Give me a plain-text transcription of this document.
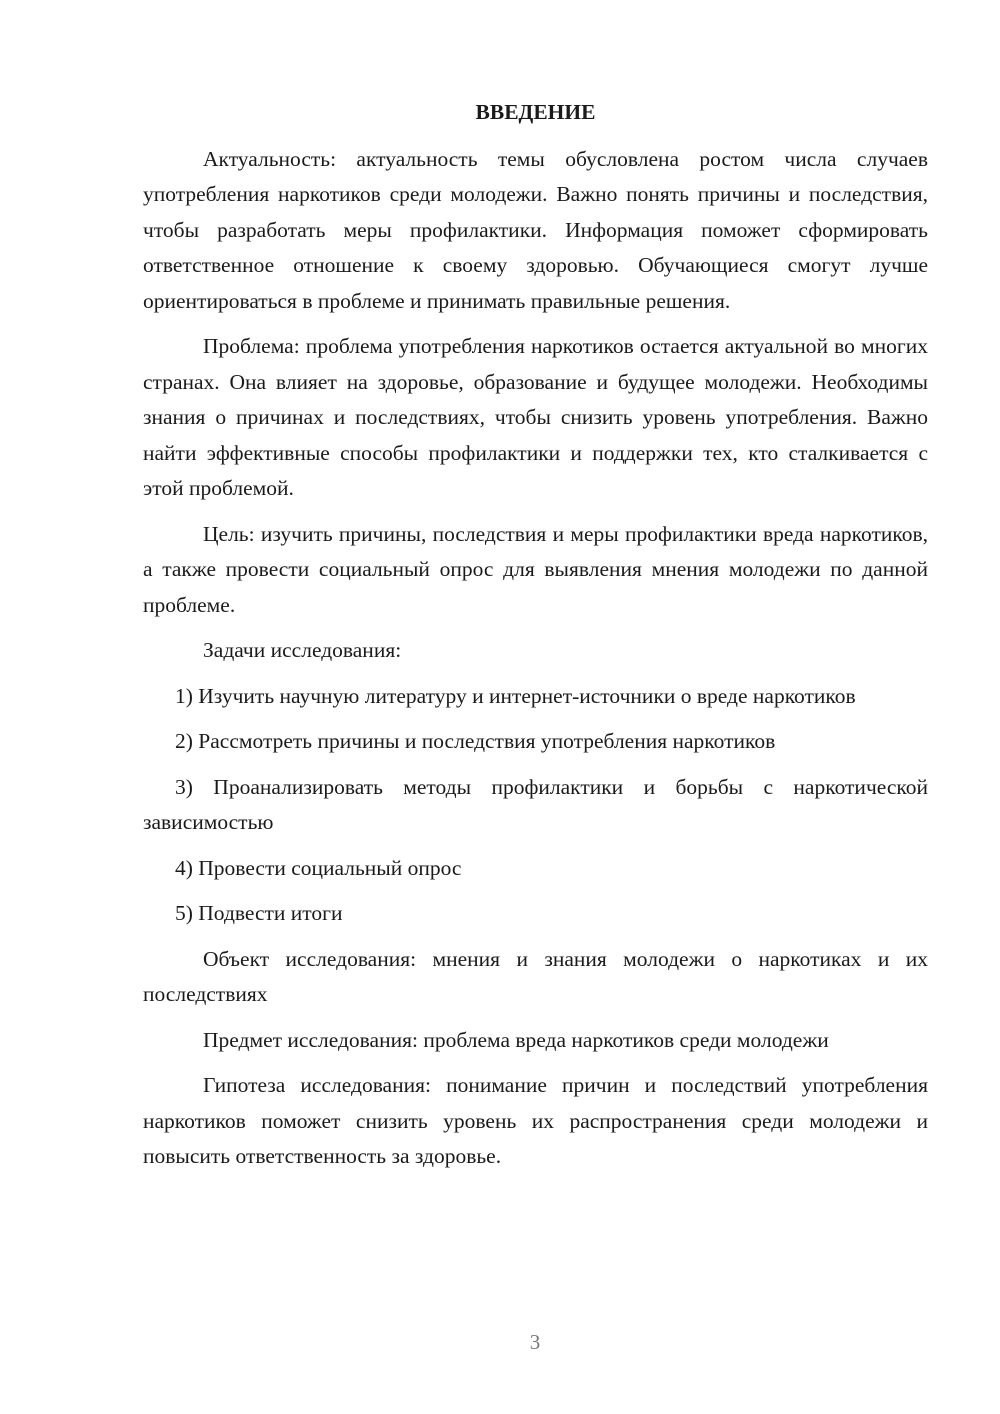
ВВЕДЕНИЕ

Актуальность: актуальность темы обусловлена ростом числа случаев употребления наркотиков среди молодежи. Важно понять причины и последствия, чтобы разработать меры профилактики. Информация поможет сформировать ответственное отношение к своему здоровью. Обучающиеся смогут лучше ориентироваться в проблеме и принимать правильные решения.

Проблема: проблема употребления наркотиков остается актуальной во многих странах. Она влияет на здоровье, образование и будущее молодежи. Необходимы знания о причинах и последствиях, чтобы снизить уровень употребления. Важно найти эффективные способы профилактики и поддержки тех, кто сталкивается с этой проблемой.

Цель: изучить причины, последствия и меры профилактики вреда наркотиков, а также провести социальный опрос для выявления мнения молодежи по данной проблеме.

Задачи исследования:

1) Изучить научную литературу и интернет-источники о вреде наркотиков

2) Рассмотреть причины и последствия употребления наркотиков

3) Проанализировать методы профилактики и борьбы с наркотической зависимостью

4) Провести социальный опрос

5) Подвести итоги

Объект исследования: мнения и знания молодежи о наркотиках и их последствиях

Предмет исследования: проблема вреда наркотиков среди молодежи

Гипотеза исследования: понимание причин и последствий употребления наркотиков поможет снизить уровень их распространения среди молодежи и повысить ответственность за здоровье.

3
